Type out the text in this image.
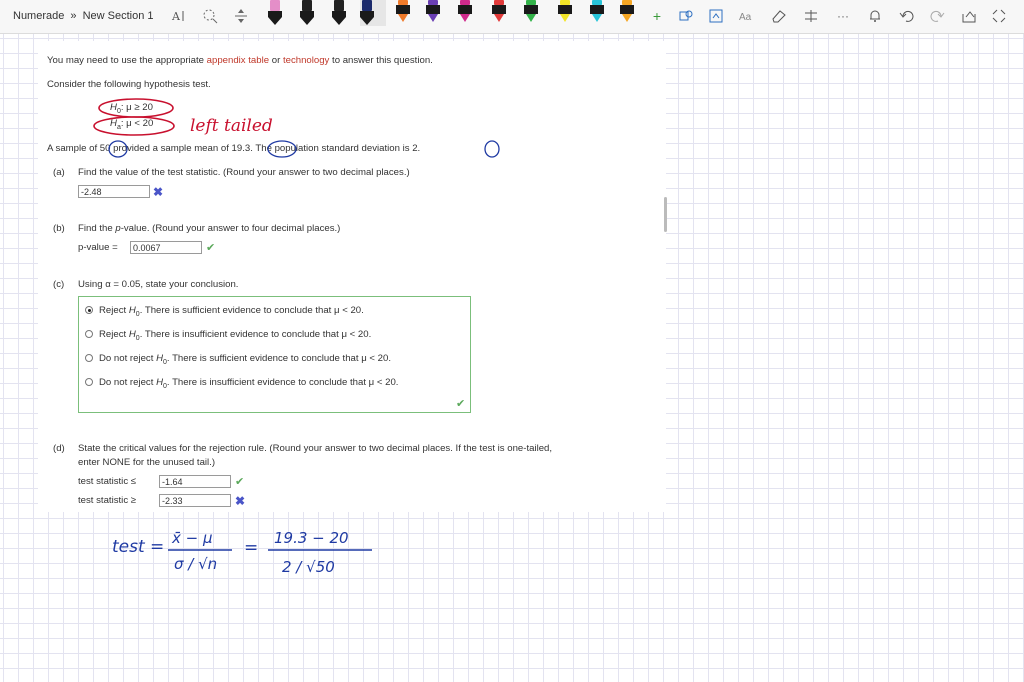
Numerade » New Section 1 A	+	Aa	···
You may need to use the appropriate appendix table or technology to answer this question.
Consider the following hypothesis test.
$H_0$: μ ≥ 20
$H_a$: μ < 20
A sample of 50 provided a sample mean of 19.3. The population standard deviation is 2.
(a) Find the value of the test statistic. (Round your answer to two decimal places.)
-2.48	✖
(b) Find the p-value. (Round your answer to four decimal places.)
p-value =	0.0067	✔
(c) Using α = 0.05, state your conclusion.
Reject $H_0$. There is sufficient evidence to conclude that μ < 20.
Reject $H_0$. There is insufficient evidence to conclude that μ < 20.
Do not reject $H_0$. There is sufficient evidence to conclude that μ < 20.
Do not reject $H_0$. There is insufficient evidence to conclude that μ < 20.
✔
(d) State the critical values for the rejection rule. (Round your answer to two decimal places. If the test is one-tailed,
enter NONE for the unused tail.)
test statistic ≤	-1.64	✔
test statistic ≥	-2.33	✖
left tailed
test = x̄ − μ
σ / √n
= 19.3 − 20
2 / √50
